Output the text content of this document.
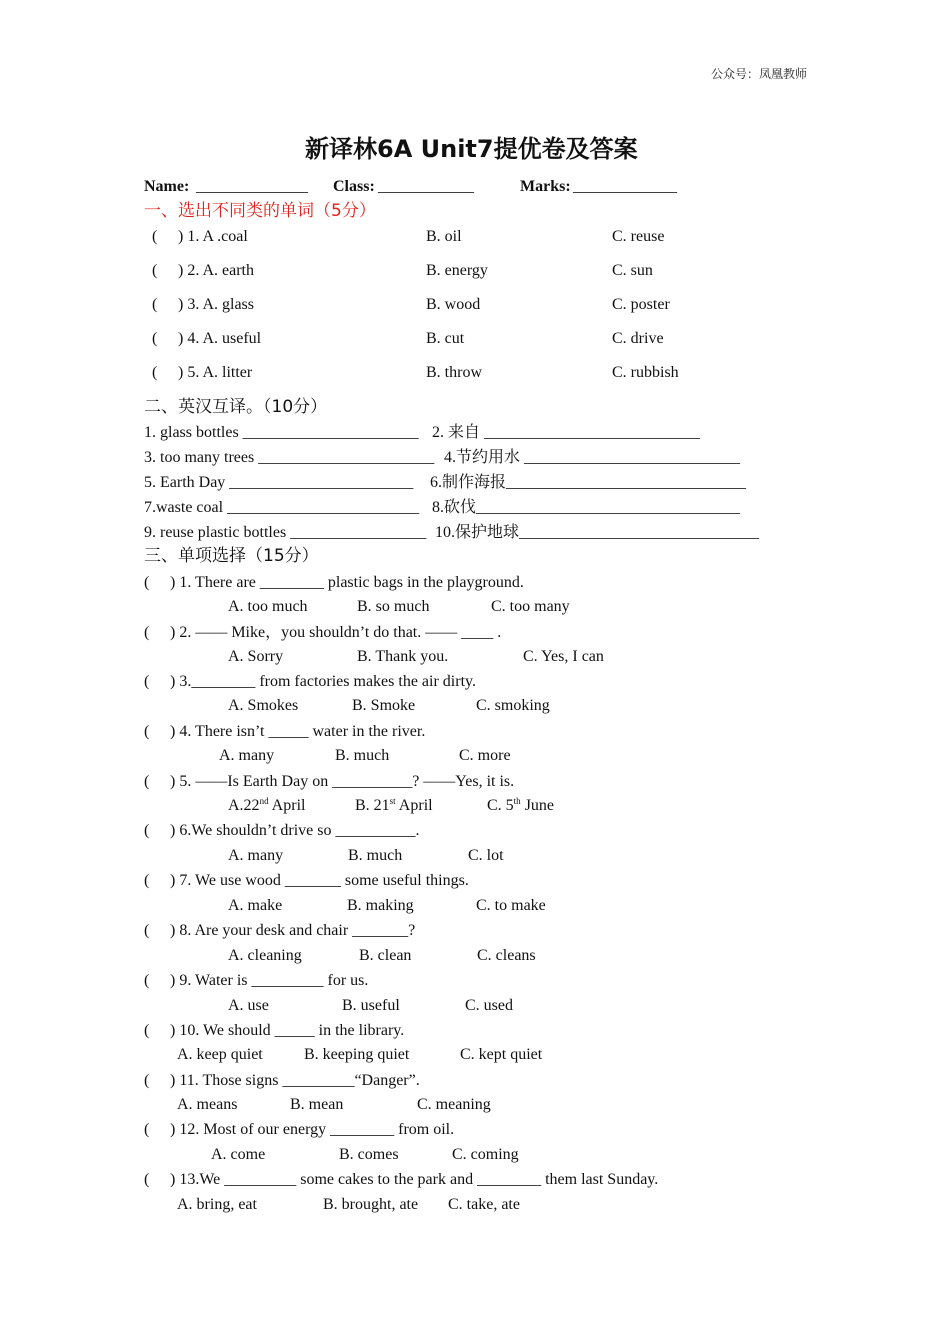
公众号：凤凰教师
新译林6A Unit7提优卷及答案
Name: ______________ Class: ____________	Marks: _____________
一、选出不同类的单词（5分）
( ) 1. A .coal	B. oil	C. reuse
( ) 2. A. earth	B. energy	C. sun
( ) 3. A. glass	B. wood	C. poster
( ) 4. A. useful	B. cut	C. drive
( ) 5. A. litter	B. throw	C. rubbish
二、英汉互译。（10分）
1. glass bottles ______________________ 2. 来自 ___________________________
3. too many trees ______________________ 4.节约用水 ___________________________
5. Earth Day _______________________ 6.制作海报______________________________
7.waste coal ________________________ 8.砍伐_________________________________
9. reuse plastic bottles _________________ 10.保护地球______________________________
三、单项选择（15分）
( ) 1. There are ________ plastic bags in the playground.
A. too much	B. so much	C. too many
( ) 2. —— Mike，you shouldn’t do that. —— ____ .
A. Sorry	B. Thank you.	C. Yes, I can
( ) 3.________ from factories makes the air dirty.
A. Smokes	B. Smoke	C. smoking
( ) 4. There isn’t _____ water in the river.
A. many	B. much	C. more
( ) 5. ——Is Earth Day on __________? ——Yes, it is.
A.22nd April	B. 21st April	C. 5th June
( ) 6.We shouldn’t drive so __________.
A. many	B. much	C. lot
( ) 7. We use wood _______ some useful things.
A. make	B. making	C. to make
( ) 8. Are your desk and chair _______?
A. cleaning	B. clean	C. cleans
( ) 9. Water is _________ for us.
A. use	B. useful	C. used
( ) 10. We should _____ in the library.
A. keep quiet	B. keeping quiet	C. kept quiet
( ) 11. Those signs _________“Danger”.
A. means	B. mean	C. meaning
( ) 12. Most of our energy ________ from oil.
A. come	B. comes	C. coming
( ) 13.We _________ some cakes to the park and ________ them last Sunday.
A. bring, eat	B. brought, ate C. take, ate
